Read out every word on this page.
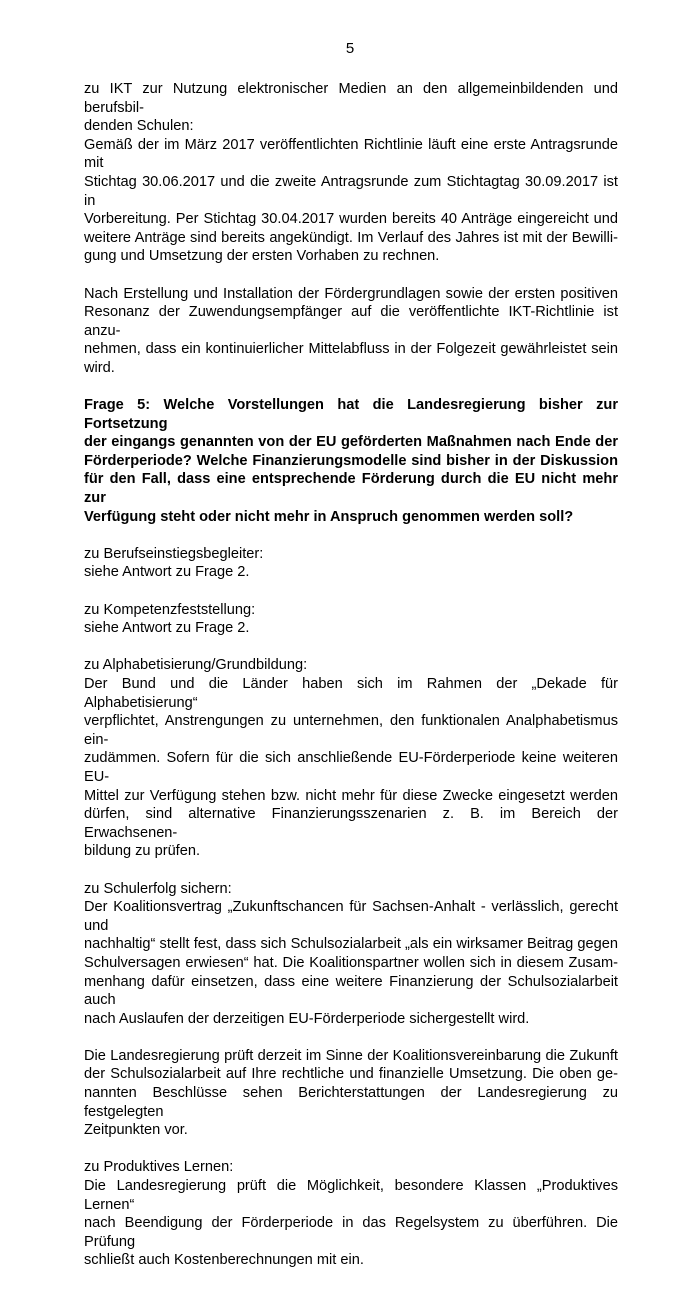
5
zu IKT zur Nutzung elektronischer Medien an den allgemeinbildenden und berufsbil-
denden Schulen:
Gemäß der im März 2017 veröffentlichten Richtlinie läuft eine erste Antragsrunde mit
Stichtag 30.06.2017 und die zweite Antragsrunde zum Stichtagtag 30.09.2017 ist in
Vorbereitung. Per Stichtag 30.04.2017 wurden bereits 40 Anträge eingereicht und
weitere Anträge sind bereits angekündigt. Im Verlauf des Jahres ist mit der Bewilli-
gung und Umsetzung der ersten Vorhaben zu rechnen.
Nach Erstellung und Installation der Fördergrundlagen sowie der ersten positiven
Resonanz der Zuwendungsempfänger auf die veröffentlichte IKT-Richtlinie ist anzu-
nehmen, dass ein kontinuierlicher Mittelabfluss in der Folgezeit gewährleistet sein
wird.
Frage 5: Welche Vorstellungen hat die Landesregierung bisher zur Fortsetzung
der eingangs genannten von der EU geförderten Maßnahmen nach Ende der
Förderperiode? Welche Finanzierungsmodelle sind bisher in der Diskussion
für den Fall, dass eine entsprechende Förderung durch die EU nicht mehr zur
Verfügung steht oder nicht mehr in Anspruch genommen werden soll?
zu Berufseinstiegsbegleiter:
siehe Antwort zu Frage 2.
zu Kompetenzfeststellung:
siehe Antwort zu Frage 2.
zu Alphabetisierung/Grundbildung:
Der Bund und die Länder haben sich im Rahmen der „Dekade für Alphabetisierung“
verpflichtet, Anstrengungen zu unternehmen, den funktionalen Analphabetismus ein-
zudämmen. Sofern für die sich anschließende EU-Förderperiode keine weiteren EU-
Mittel zur Verfügung stehen bzw. nicht mehr für diese Zwecke eingesetzt werden
dürfen, sind alternative Finanzierungsszenarien z. B. im Bereich der Erwachsenen-
bildung zu prüfen.
zu Schulerfolg sichern:
Der Koalitionsvertrag „Zukunftschancen für Sachsen-Anhalt - verlässlich, gerecht und
nachhaltig“ stellt fest, dass sich Schulsozialarbeit „als ein wirksamer Beitrag gegen
Schulversagen erwiesen“ hat. Die Koalitionspartner wollen sich in diesem Zusam-
menhang dafür einsetzen, dass eine weitere Finanzierung der Schulsozialarbeit auch
nach Auslaufen der derzeitigen EU-Förderperiode sichergestellt wird.
Die Landesregierung prüft derzeit im Sinne der Koalitionsvereinbarung die Zukunft
der Schulsozialarbeit auf Ihre rechtliche und finanzielle Umsetzung. Die oben ge-
nannten Beschlüsse sehen Berichterstattungen der Landesregierung zu festgelegten
Zeitpunkten vor.
zu Produktives Lernen:
Die Landesregierung prüft die Möglichkeit, besondere Klassen „Produktives Lernen“
nach Beendigung der Förderperiode in das Regelsystem zu überführen. Die Prüfung
schließt auch Kostenberechnungen mit ein.
